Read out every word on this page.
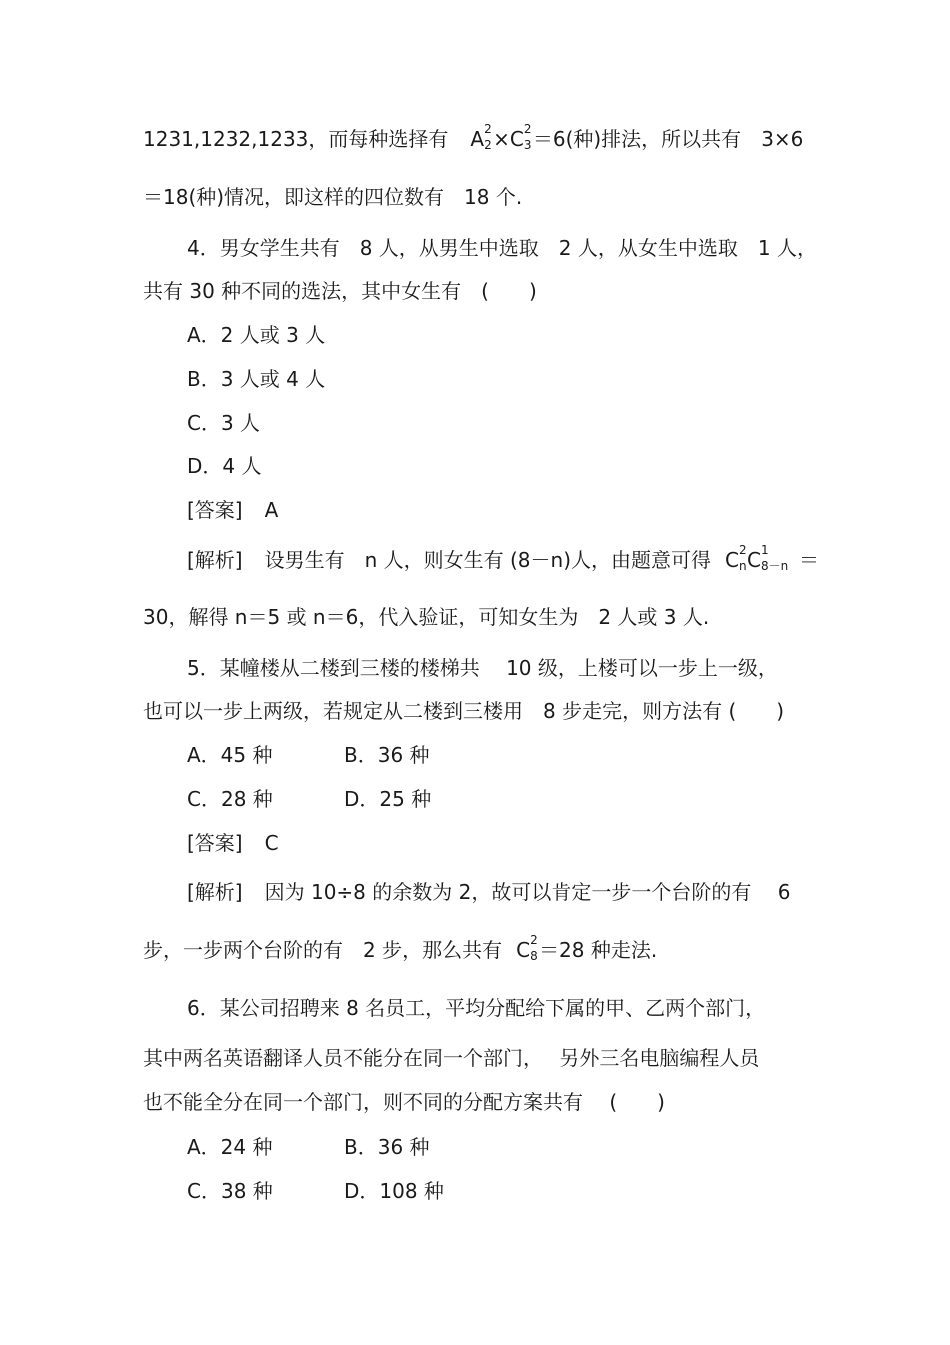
1231,1232,1233，而每种选择有 A 2
2 ×C 2
3 ＝6(种)排法，所以共有 3×6
＝18(种)情况，即这样的四位数有　18 个.
4．男女学生共有　8 人，从男生中选取　2 人，从女生中选取　1 人，
共有 30 种不同的选法，其中女生有　(　　)
A．2 人或 3 人
B．3 人或 4 人
C．3 人
D．4 人
[答案] A
[解析] 设男生有　n 人，则女生有 (8－n)人，由题意可得 C 2
n C 1
8－n ＝
30，解得 n＝5 或 n＝6，代入验证，可知女生为　2 人或 3 人.
5．某幢楼从二楼到三楼的楼梯共　 10 级，上楼可以一步上一级，
也可以一步上两级，若规定从二楼到三楼用　8 步走完，则方法有 (　　)
A．45 种	B．36 种
C．28 种	D．25 种
[答案] C
[解析] 因为 10÷8 的余数为 2，故可以肯定一步一个台阶的有　 6
步，一步两个台阶的有　2 步，那么共有 C 2
8 ＝28 种走法.
6．某公司招聘来 8 名员工，平均分配给下属的甲、乙两个部门，
其中两名英语翻译人员不能分在同一个部门，　 另外三名电脑编程人员
也不能全分在同一个部门，则不同的分配方案共有　 (　　)
A．24 种	B．36 种
C．38 种	D．108 种
